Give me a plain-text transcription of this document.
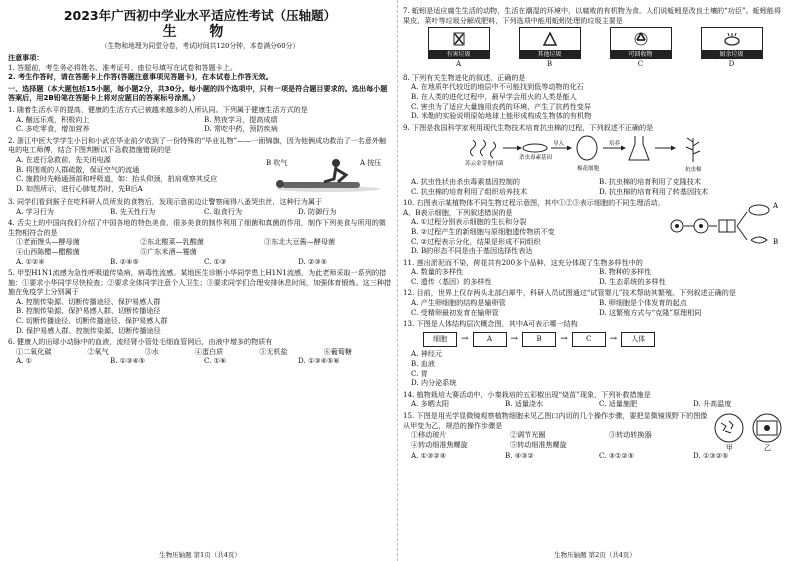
2023年广西初中学业水平适应性考试（压轴题）
生 物
（生物和地理为同堂分卷，考试时间共120分钟，本卷满分60分）

注意事项：

1. 答题前，考生务必将姓名、准考证号、座位号填写在试卷和答题卡上。

2. 考生作答时，请在答题卡上作答(答题注意事项见答题卡)，在本试卷上作答无效。

一、选择题（本大题包括15小题，每小题2分，共30分。每小题的四个选项中，只有一项是符合题目要求的。选出每小题答案后，用2B铅笔在答题卡上将对应题目的答案标号涂黑。）

1. 随着生活水平的提高，健康的生活方式已被越来越多的人所认同。下列属于健康生活方式的是

A. 酗远乐观，积极向上	B. 熬夜学习，提高成绩
C. 多吃零食，增加营养	D. 常吃中药，预防疾病

2. 浙江中医大学学生小吕和小武在毕业前夕收到了一份特殊的“毕业礼物”——一面锦旗，因为他俩成功救治了一名意外触电的电工师傅，结合下图判断以下急救措施错误的是

A. 在进行急救前，先关闭电源

B. 将围观的人群疏散，保证空气的流通

C. 施救时先畅通颈部和呼吸道，如：抬头仰颈，拍肩观察其反应

D. 如图所示，进行心肺复苏时，先B后A

B 吹气	A 按压

3. 同学们看到猴子在吃科研人员所发的食物后，发现示意前边让警察闹得八蚤哭虫丝，这种行为属于

A. 学习行为	B. 先天性行为	C. 取食行为	D. 防御行为

4. 舌尖上的中国向我们介绍了中国各地的特色美食，很多美食的制作利用了细菌和真菌的作用，制作下列美食与所用的微生物相符合的是

①老面馒头—酵母菌	②东北酸菜—乳酸菌	③东北大豆酱—酵母菌
④山西陈醋—醋酸菌	⑤广东米酒—霉菌
A. ①②④	B. ②④⑤	C. ①③	D. ②③⑤

5. 甲型H1N1流感为急性呼吸道传染病，病毒性流感。某地医生诊断小华同学患上H1N1流感，为此老师采取一系列的措施：①要求小华同学尽快检查；②要求全体同学注意个人卫生；③要求同学们合理安排休息时间，加强体育锻炼。这三种措施在免疫学上分别属于

A. 控制传染源、切断传播途径、保护易感人群

B. 控制传染源、保护易感人群、切断传播途径

C. 切断传播途径、切断传播途径、保护易感人群

D. 保护易感人群、控制传染源、切断传播途径

6. 健康人的出球小动脉中的血液，流经肾小管处毛细血管网后，由液中增多的物质有

①二氧化碳	②氧气	③水	④蛋白质	⑤无机盐	⑥葡萄糖
A. ①	B. ①③④⑤	C. ①⑥	D. ①③④⑤⑥
生物压轴题 第1页（共4页）

7. 蚯蚓是适应腐生生活的动物，生活在潮湿的环境中，以腐败的有机物为食。人们说蚯蚓是改良土壤的“功臣”。蚯蚓能将果皮、菜叶等垃圾分解成肥料，下列选项中能用蚯蚓处理的垃圾主要是

有害垃圾
A
其他垃圾
B
可回收物
C
厨余垃圾
D

8. 下列有关生物进化的叙述，正确的是

A. 在地质年代较近的地层中不可能找到低等动物的化石

B. 在人类的进化过程中，最早学会用火的人类是能人

C. 害虫为了适应大量施用农药的环境，产生了抗药性变异

D. 米勒的实验说明原始地球上能形成构成生物体的有机物

9. 下图是我国科学家利用现代生物技术培育抗虫棉的过程，下列叙述不正确的是

苏云金芽孢杆菌
杀虫毒素基因
导入
棉花细胞
培养
抗虫棉
A. 抗虫性状由杀虫毒素基因控制的	B. 抗虫棉的培育利用了克隆技术
C. 抗虫棉的培育利用了组织培养技术	D. 抗虫棉的培育利用了转基因技术

10. 右图表示某植物体不同生物过程示意图，其中①②③表示细胞的不同生理活动，A、B表示细胞，下列叙述错误的是

A. ①过程分别表示细胞的生长和分裂

B. ②过程产生的新细胞与原细胞遗传物质不变

C. ②过程表示分化，结果是形成不同组织

D. B的形态不同是由于基因选择性表达

A
B

11. 莲出淤泥而不染，荷花共有200多个品种，这充分体现了生物多样性中的

A. 数量的多样性	B. 物种的多样性
C. 遗传（基因）的多样性	D. 生态系统的多样性

12. 目前，世界上仅存两头北部白犀牛，科研人员试图通过“试管婴儿”技术帮助其繁殖。下列叙述正确的是

A. 产生卵细胞的结构是输卵管	B. 卵细胞是个体发育的起点
C. 受精卵最初发育在输卵管	D. 这繁殖方式与“克隆”原理相同

13. 下图是人体结构层次概念图，其中A可表示哪一结构

细胞	→	A	→	B	→	C	→	人体

A. 神经元

B. 血液

C. 胃

D. 内分泌系统

14. 植物栽培大赛活动中，小秦栽培的五彩椒出现“烧苗”现象，下列补救措施是

A. 多晒太阳	B. 适量浇水	C. 适量施肥	D. 升高温度

15. 下图是用光学显微镜观察植物细胞未见乙图口内切的几个操作步骤，要把显微镜视野下的图像从甲变为乙，规范的操作步骤是

①移动玻片	②调节光圈	③转动转换器
④转动细准焦螺旋	⑤转动细准焦螺旋	甲	乙
A. ①③②④	B. ④③②	C. ③①②⑤	D. ①③②⑤
生物压轴题 第2页（共4页）
